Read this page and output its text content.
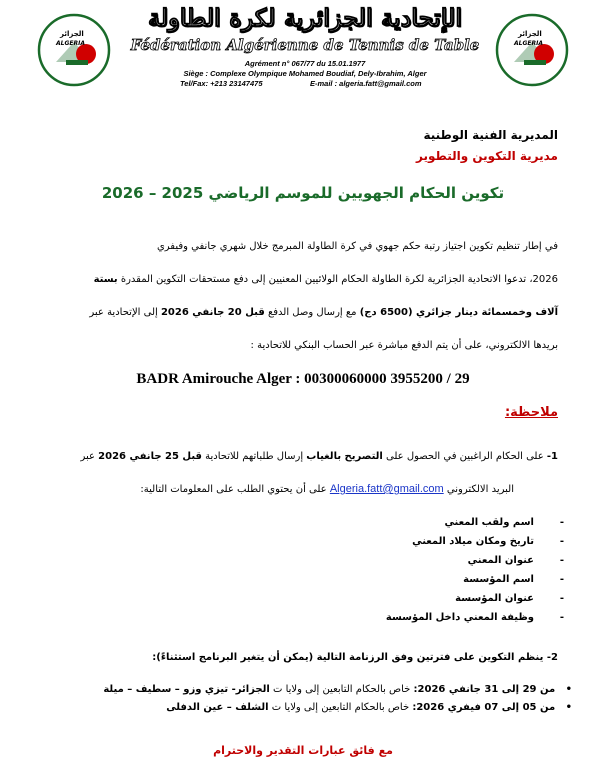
الجزائر
ALGERIA
الجزائر
ALGERIA
الإتحادية الجزائرية لكرة الطاولة
Fédération Algérienne de Tennis de Table
Agrément n° 067/77 du 15.01.1977
Siège : Complexe Olympique Mohamed Boudiaf, Dely-Ibrahim, Alger
Tel/Fax: +213 23147475	E-mail : algeria.fatt@gmail.com
المديرية الفنية الوطنية
مديرية التكوين والتطوير
تكوين الحكام الجهويين للموسم الرياضي 2025 – 2026
في إطار تنظيم تكوين اجتياز رتبة حكم جهوي في كرة الطاولة المبرمج خلال شهري جانفي وفيفري
2026، تدعوا الاتحادية الجزائرية لكرة الطاولة الحكام الولائيين المعنيين إلى دفع مستحقات التكوين المقدرة بستة
آلاف وخمسمائة دينار جزائري (6500 دج) مع إرسال وصل الدفع قبل 20 جانفي 2026 إلى الإتحادية عبر
بريدها الالكتروني، على أن يتم الدفع مباشرة عبر الحساب البنكي للاتحادية :
BADR Amirouche Alger : 00300060000 3955200 / 29
ملاحظة:
1- على الحكام الراغبين في الحصول على التصريح بالغياب إرسال طلباتهم للاتحادية قبل 25 جانفي 2026 عبر
البريد الالكتروني Algeria.fatt@gmail.com على أن يحتوي الطلب على المعلومات التالية:
-
اسم ولقب المعني
-
تاريخ ومكان ميلاد المعني
-
عنوان المعني
-
اسم المؤسسة
-
عنوان المؤسسة
-
وظيفة المعني داخل المؤسسة
2- ينظم التكوين على فترتين وفق الرزنامة التالية (يمكن أن يتغير البرنامج استثناءً):
•   من 29 إلى 31 جانفي 2026: خاص بالحكام التابعين إلى ولايا ت الجزائر- تيزي وزو – سطيف – ميلة
•   من 05 إلى 07 فيفري 2026: خاص بالحكام التابعين إلى ولايا ت الشلف – عين الدفلى
مع فائق عبارات التقدير والاحترام
